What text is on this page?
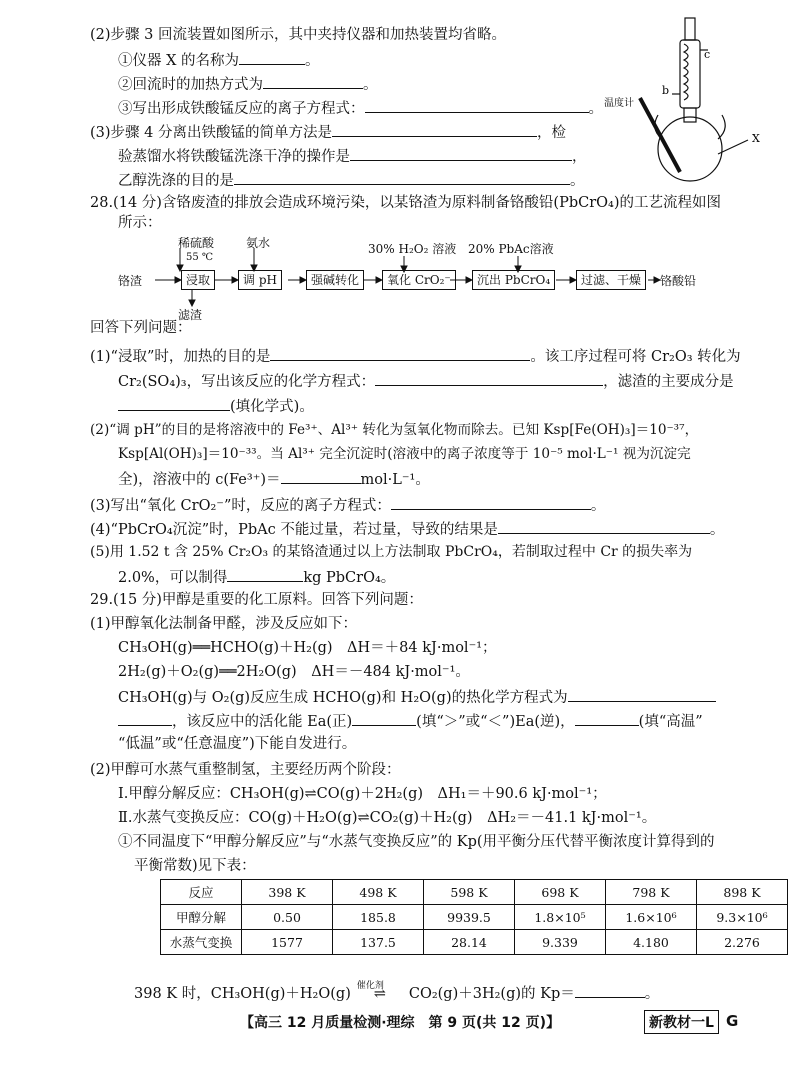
(2)步骤 3 回流装置如图所示，其中夹持仪器和加热装置均省略。
①仪器 X 的名称为	。
②回流时的加热方式为	。
③写出形成铁酸锰反应的离子方程式：	。
(3)步骤 4 分离出铁酸锰的简单方法是	，检
验蒸馏水将铁酸锰洗涤干净的操作是	，
乙醇洗涤的目的是	。
c
b
温度计
X
28.(14 分)含铬废渣的排放会造成环境污染，以某铬渣为原料制备铬酸铅(PbCrO₄)的工艺流程如图
所示：
铬渣
稀硫酸
55 ℃
浸取
滤渣
氨水
调 pH	强碱转化
30% H₂O₂ 溶液 20% PbAc溶液
氧化 CrO₂⁻	沉出 PbCrO₄	过滤、干燥	铬酸铅
回答下列问题：
(1)“浸取”时，加热的目的是	。该工序过程可将 Cr₂O₃ 转化为
Cr₂(SO₄)₃，写出该反应的化学方程式：	，滤渣的主要成分是
(填化学式)。
(2)“调 pH”的目的是将溶液中的 Fe³⁺、Al³⁺ 转化为氢氧化物而除去。已知 Ksp[Fe(OH)₃]＝10⁻³⁷，
Ksp[Al(OH)₃]＝10⁻³³。当 Al³⁺ 完全沉淀时(溶液中的离子浓度等于 10⁻⁵ mol·L⁻¹ 视为沉淀完
全)，溶液中的 c(Fe³⁺)＝	mol·L⁻¹。
(3)写出“氧化 CrO₂⁻”时，反应的离子方程式：	。
(4)“PbCrO₄沉淀”时，PbAc 不能过量，若过量，导致的结果是	。
(5)用 1.52 t 含 25% Cr₂O₃ 的某铬渣通过以上方法制取 PbCrO₄，若制取过程中 Cr 的损失率为
2.0%，可以制得	kg PbCrO₄。
29.(15 分)甲醇是重要的化工原料。回答下列问题：
(1)甲醇氧化法制备甲醛，涉及反应如下：
CH₃OH(g)══HCHO(g)＋H₂(g)　ΔH＝＋84 kJ·mol⁻¹；
2H₂(g)＋O₂(g)══2H₂O(g)　ΔH＝－484 kJ·mol⁻¹。
CH₃OH(g)与 O₂(g)反应生成 HCHO(g)和 H₂O(g)的热化学方程式为
，该反应中的活化能 Ea(正)	(填“＞”或“＜”)Ea(逆)，	(填“高温”
“低温”或“任意温度”)下能自发进行。
(2)甲醇可水蒸气重整制氢，主要经历两个阶段：
Ⅰ.甲醇分解反应：CH₃OH(g)⇌CO(g)＋2H₂(g)　ΔH₁＝＋90.6 kJ·mol⁻¹；
Ⅱ.水蒸气变换反应：CO(g)＋H₂O(g)⇌CO₂(g)＋H₂(g)　ΔH₂＝－41.1 kJ·mol⁻¹。
①不同温度下“甲醇分解反应”与“水蒸气变换反应”的 Kp(用平衡分压代替平衡浓度计算得到的
平衡常数)见下表：
反应	398 K	498 K	598 K	698 K	798 K	898 K
甲醇分解	0.50	185.8	9939.5	1.8×10⁵	1.6×10⁶	9.3×10⁶
水蒸气变换	1577	137.5	28.14	9.339	4.180	2.276
398 K 时，CH₃OH(g)＋H₂O(g) 催化剂
⇌ CO₂(g)＋3H₂(g)的 Kp＝	。
【高三 12 月质量检测·理综　第 9 页(共 12 页)】	新教材一L G
